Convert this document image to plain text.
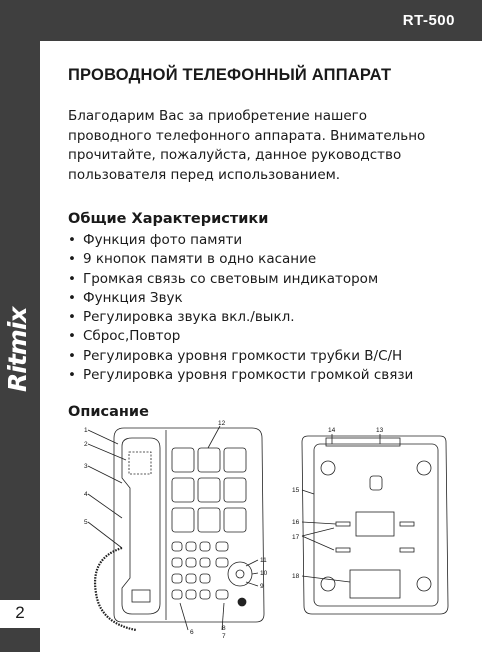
RT-500
2
ПРОВОДНОЙ ТЕЛЕФОННЫЙ АППАРАТ
Благодарим Вас за приобретение нашего
проводного телефонного аппарата. Внимательно
прочитайте, пожалуйста, данное руководство
пользователя перед использованием.
Общие Характеристики
• Функция фото памяти
• 9 кнопок памяти в одно касание
• Громкая связь со световым индикатором
• Функция Звук
• Регулировка звука вкл./выкл.
• Сброс,Повтор
• Регулировка уровня громкости трубки В/С/Н
• Регулировка уровня громкости громкой связи
Описание
1
2
3
4
5
6
7
8
9
10
11
12
13
14
15
16
17
18
